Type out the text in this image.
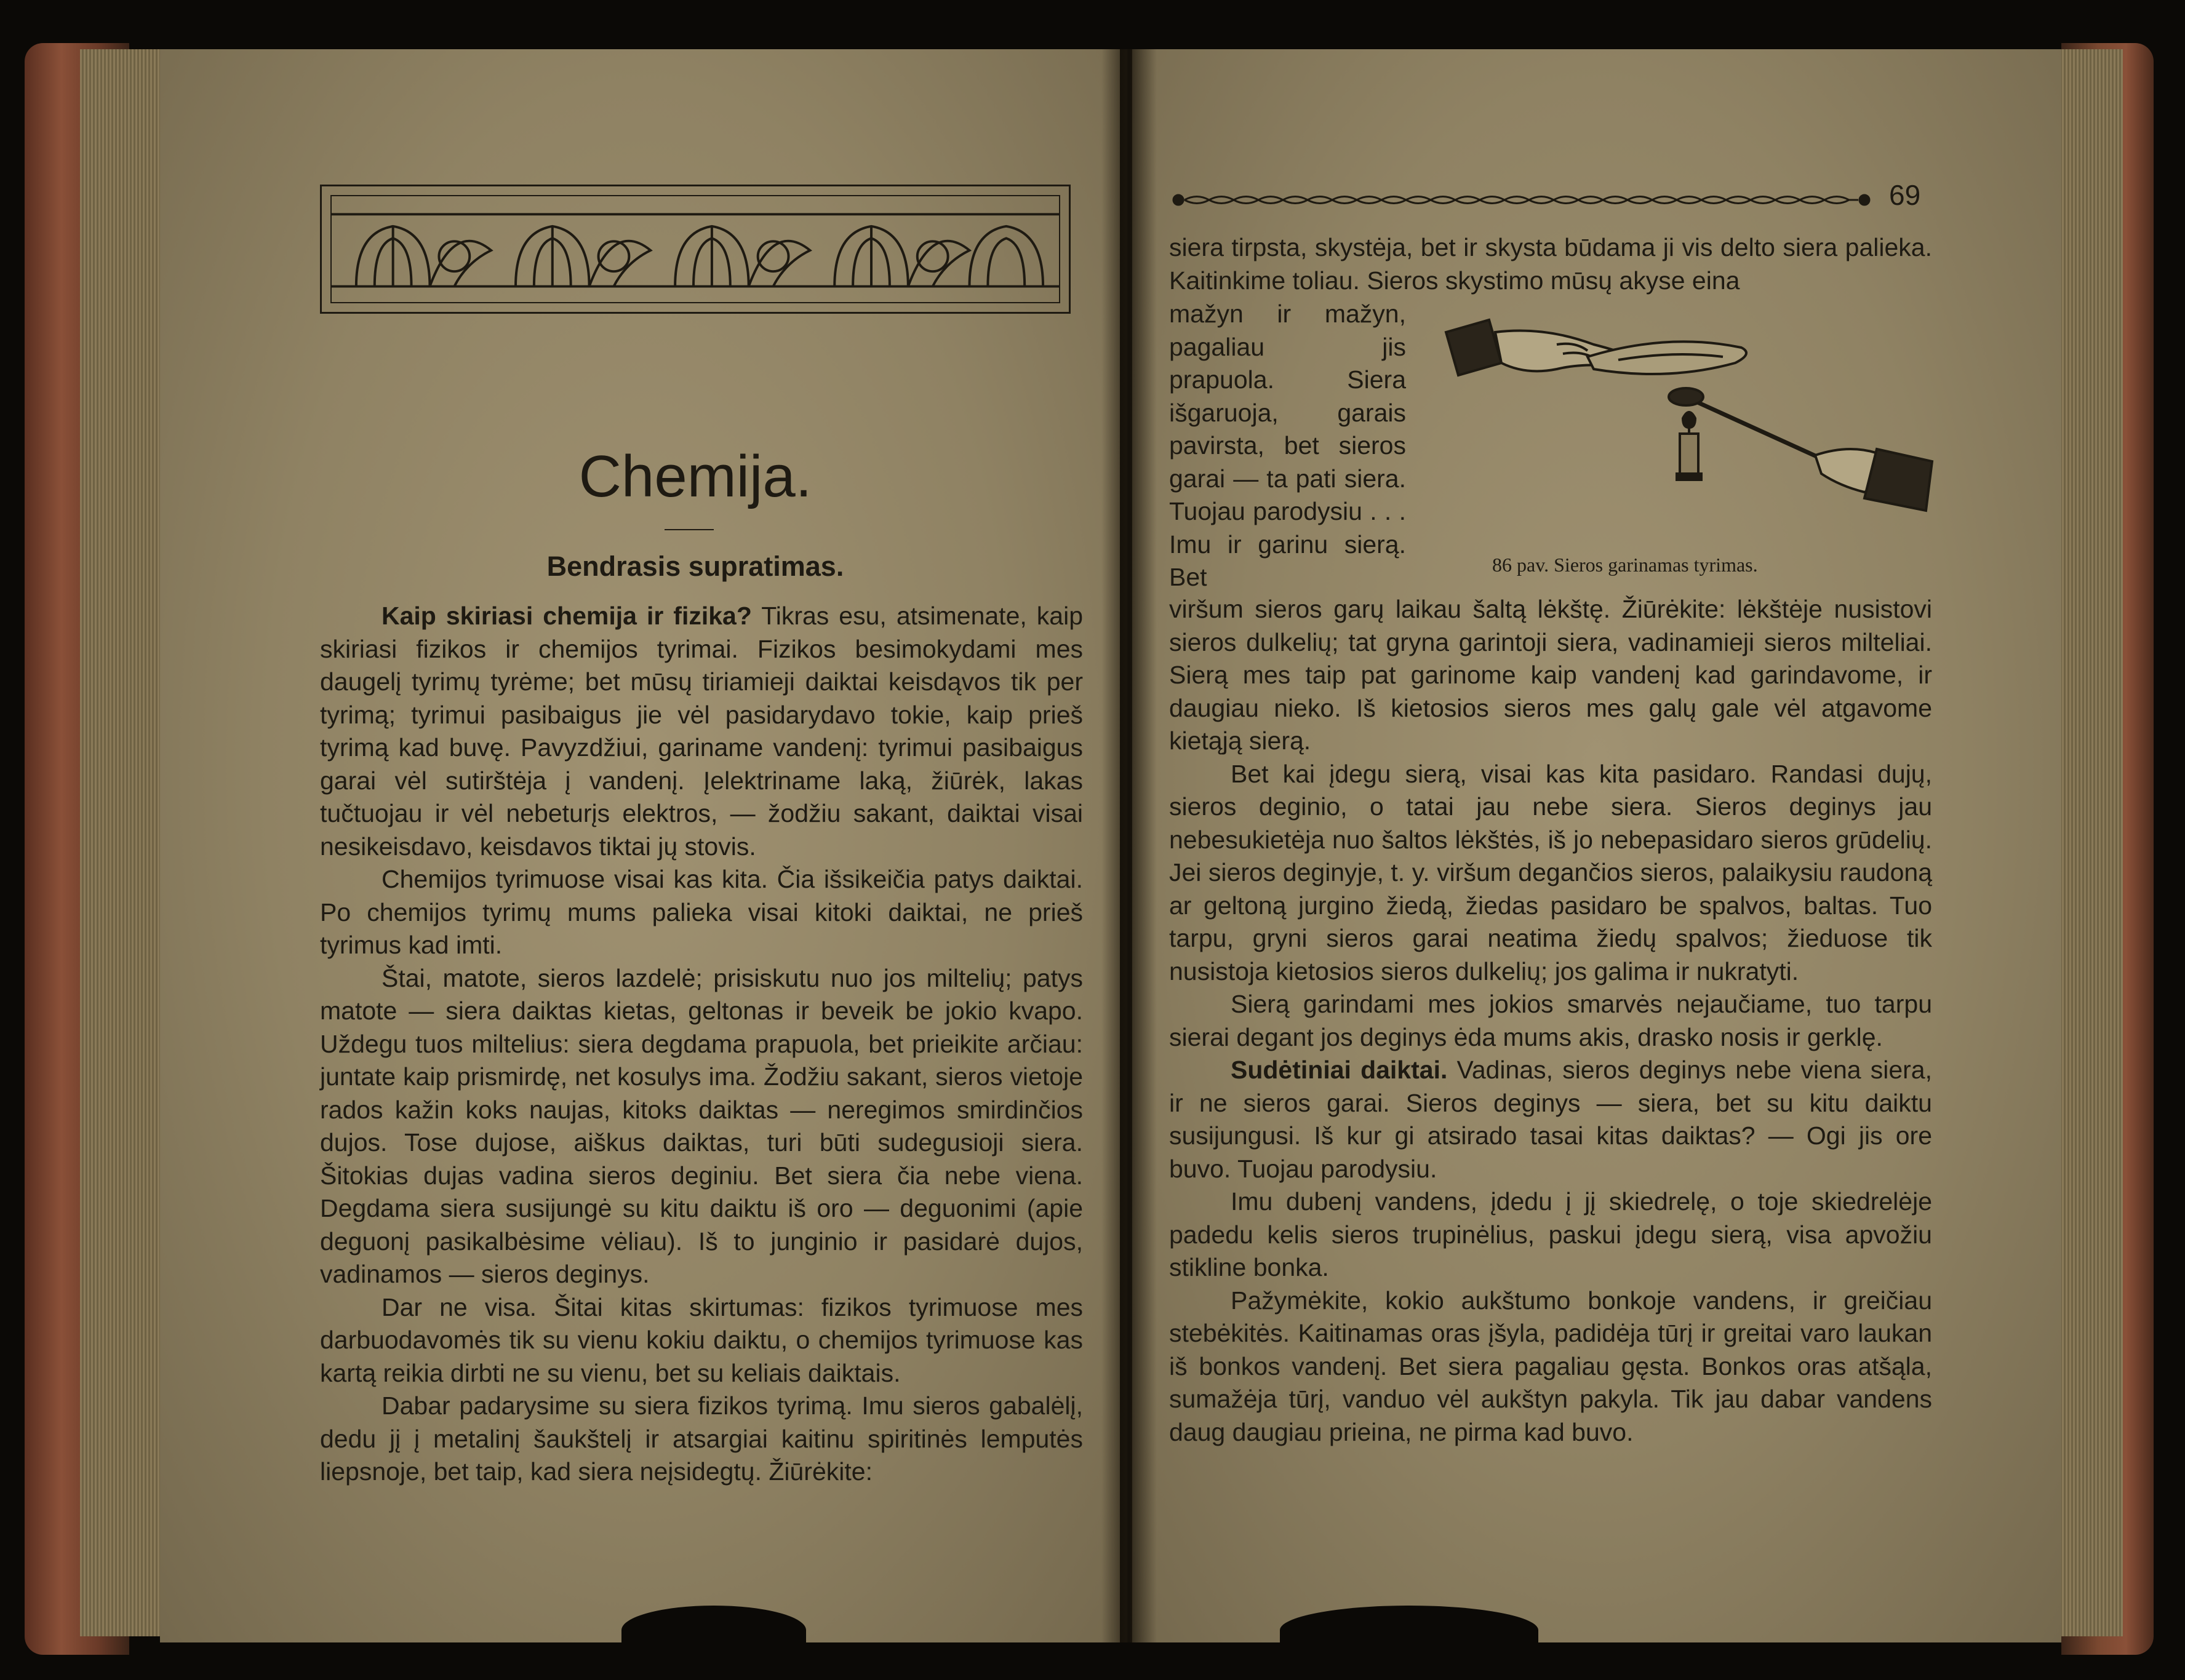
Chemija.
Bendrasis supratimas.

Kaip skiriasi chemija ir fizika? Tikras esu, atsimenate, kaip skiriasi fizikos ir chemijos tyrimai. Fizikos besimokydami mes daugelį tyrimų tyrėme; bet mūsų tiriamieji daiktai keisdąvos tik per tyrimą; tyrimui pasibaigus jie vėl pasidarydavo tokie, kaip prieš tyrimą kad buvę. Pavyzdžiui, gariname vandenį: tyrimui pasibaigus garai vėl sutirštėja į vandenį. Įelektriname laką, žiūrėk, lakas tučtuojau ir vėl nebeturįs elektros, — žodžiu sakant, daiktai visai nesikeisdavo, keisdavos tiktai jų stovis.

Chemijos tyrimuose visai kas kita. Čia išsikeičia patys daiktai. Po chemijos tyrimų mums palieka visai kitoki daiktai, ne prieš tyrimus kad imti.

Štai, matote, sieros lazdelė; prisiskutu nuo jos miltelių; patys matote — siera daiktas kietas, geltonas ir beveik be jokio kvapo. Uždegu tuos miltelius: siera degdama prapuola, bet prieikite arčiau: juntate kaip prismirdę, net kosulys ima. Žodžiu sakant, sieros vietoje rados kažin koks naujas, kitoks daiktas — neregimos smirdinčios dujos. Tose dujose, aiškus daiktas, turi būti sudegusioji siera. Šitokias dujas vadina sieros deginiu. Bet siera čia nebe viena. Degdama siera susijungė su kitu daiktu iš oro — deguonimi (apie deguonį pasikalbėsime vėliau). Iš to junginio ir pasidarė dujos, vadinamos — sieros deginys.

Dar ne visa. Šitai kitas skirtumas: fizikos tyrimuose mes darbuodavomės tik su vienu kokiu daiktu, o chemijos tyrimuose kas kartą reikia dirbti ne su vienu, bet su keliais daiktais.

Dabar padarysime su siera fizikos tyrimą. Imu sieros gabalėlį, dedu jį į metalinį šaukštelį ir atsargiai kaitinu spiritinės lemputės liepsnoje, bet taip, kad siera neįsidegtų. Žiūrėkite:

69

siera tirpsta, skystėja, bet ir skysta būdama ji vis delto siera palieka. Kaitinkime toliau. Sieros skystimo mūsų akyse eina

mažyn ir mažyn, pagaliau jis prapuola. Siera išgaruoja, garais pavirsta, bet sieros garai — ta pati siera. Tuojau parodysiu . . . Imu ir garinu sierą. Bet	86 pav. Sieros garinamas tyrimas.

viršum sieros garų laikau šaltą lėkštę. Žiūrėkite: lėkštėje nusistovi sieros dulkelių; tat gryna garintoji siera, vadinamieji sieros milteliai. Sierą mes taip pat garinome kaip vandenį kad garindavome, ir daugiau nieko. Iš kietosios sieros mes galų gale vėl atgavome kietąją sierą.

Bet kai įdegu sierą, visai kas kita pasidaro. Randasi dujų, sieros deginio, o tatai jau nebe siera. Sieros deginys jau nebesukietėja nuo šaltos lėkštės, iš jo nebepasidaro sieros grūdelių. Jei sieros deginyje, t. y. viršum degančios sieros, palaikysiu raudoną ar geltoną jurgino žiedą, žiedas pasidaro be spalvos, baltas. Tuo tarpu, gryni sieros garai neatima žiedų spalvos; žieduose tik nusistoja kietosios sieros dulkelių; jos galima ir nukratyti.

Sierą garindami mes jokios smarvės nejaučiame, tuo tarpu sierai degant jos deginys ėda mums akis, drasko nosis ir gerklę.

Sudėtiniai daiktai. Vadinas, sieros deginys nebe viena siera, ir ne sieros garai. Sieros deginys — siera, bet su kitu daiktu susijungusi. Iš kur gi atsirado tasai kitas daiktas? — Ogi jis ore buvo. Tuojau parodysiu.

Imu dubenį vandens, įdedu į jį skiedrelę, o toje skiedrelėje padedu kelis sieros trupinėlius, paskui įdegu sierą, visa apvožiu stikline bonka.

Pažymėkite, kokio aukštumo bonkoje vandens, ir greičiau stebėkitės. Kaitinamas oras įšyla, padidėja tūrį ir greitai varo laukan iš bonkos vandenį. Bet siera pagaliau gęsta. Bonkos oras atšąla, sumažėja tūrį, vanduo vėl aukštyn pakyla. Tik jau dabar vandens daug daugiau prieina, ne pirma kad buvo.
